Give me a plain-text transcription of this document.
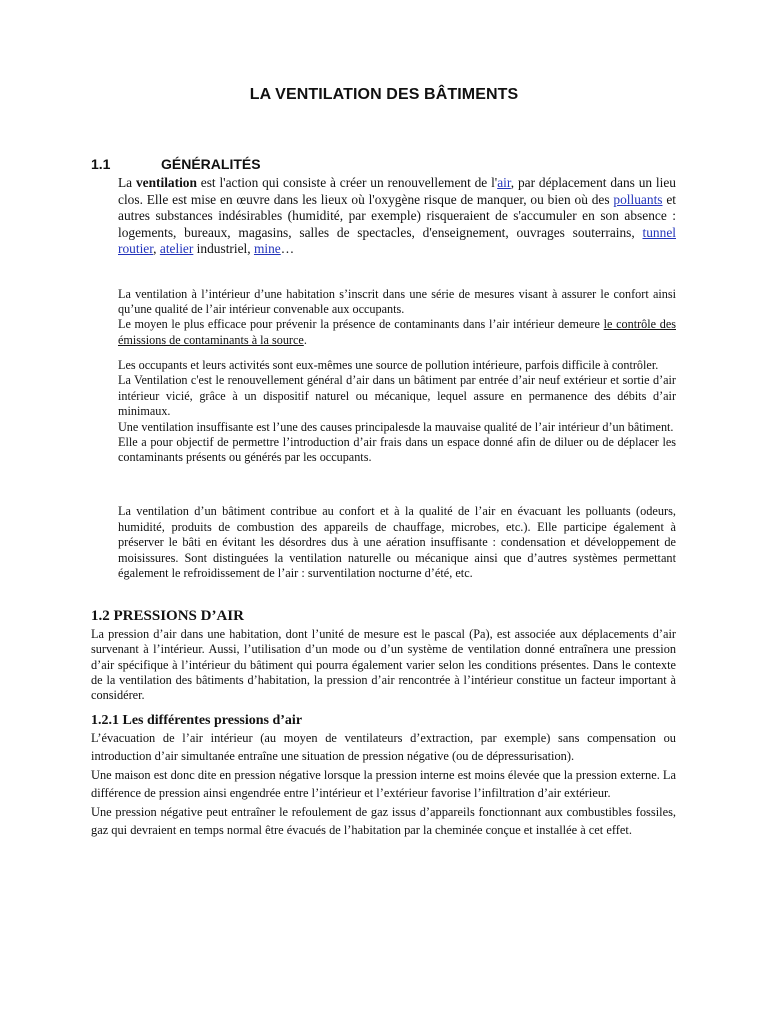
LA VENTILATION DES BÂTIMENTS
1.1	GÉNÉRALITÉS

La ventilation est l'action qui consiste à créer un renouvellement de l'air, par déplacement dans un lieu clos. Elle est mise en œuvre dans les lieux où l'oxygène risque de manquer, ou bien où des polluants et autres substances indésirables (humidité, par exemple) risqueraient de s'accumuler en son absence : logements, bureaux, magasins, salles de spectacles, d'enseignement, ouvrages souterrains, tunnel routier, atelier industriel, mine…

La ventilation à l’intérieur d’une habitation s’inscrit dans une série de mesures visant à assurer le confort ainsi qu’une qualité de l’air intérieur convenable aux occupants.

Le moyen le plus efficace pour prévenir la présence de contaminants dans l’air intérieur demeure le contrôle des émissions de contaminants à la source.

Les occupants et leurs activités sont eux-mêmes une source de pollution intérieure, parfois difficile à contrôler.

La Ventilation c'est le renouvellement général d’air dans un bâtiment par entrée d’air neuf extérieur et sortie d’air intérieur vicié, grâce à un dispositif naturel ou mécanique, lequel assure en permanence des débits d’air minimaux.

Une ventilation insuffisante est l’une des causes principalesde la mauvaise qualité de l’air intérieur d’un bâtiment.

Elle a pour objectif de permettre l’introduction d’air frais dans un espace donné afin de diluer ou de déplacer les contaminants présents ou générés par les occupants.

La ventilation d’un bâtiment contribue au confort et à la qualité de l’air en évacuant les polluants (odeurs, humidité, produits de combustion des appareils de chauffage, microbes, etc.). Elle participe également à préserver le bâti en évitant les désordres dus à une aération insuffisante : condensation et développement de moisissures. Sont distinguées la ventilation naturelle ou mécanique ainsi que d’autres systèmes permettant également le refroidissement de l’air : surventilation nocturne d’été, etc.
1.2 PRESSIONS D’AIR
La pression d’air dans une habitation, dont l’unité de mesure est le pascal (Pa), est associée aux déplacements d’air survenant à l’intérieur. Aussi, l’utilisation d’un mode ou d’un système de ventilation donné entraînera une pression d’air spécifique à l’intérieur du bâtiment qui pourra également varier selon les conditions présentes. Dans le contexte de la ventilation des bâtiments d’habitation, la pression d’air rencontrée à l’intérieur constitue un facteur important à considérer.
1.2.1 Les différentes pressions d’air

L’évacuation de l’air intérieur (au moyen de ventilateurs d’extraction, par exemple) sans compensation ou introduction d’air simultanée entraîne une situation de pression négative (ou de dépressurisation).

Une maison est donc dite en pression négative lorsque la pression interne est moins élevée que la pression externe. La différence de pression ainsi engendrée entre l’intérieur et l’extérieur favorise l’infiltration d’air extérieur.

Une pression négative peut entraîner le refoulement de gaz issus d’appareils fonctionnant aux combustibles fossiles, gaz qui devraient en temps normal être évacués de l’habitation par la cheminée conçue et installée à cet effet.
